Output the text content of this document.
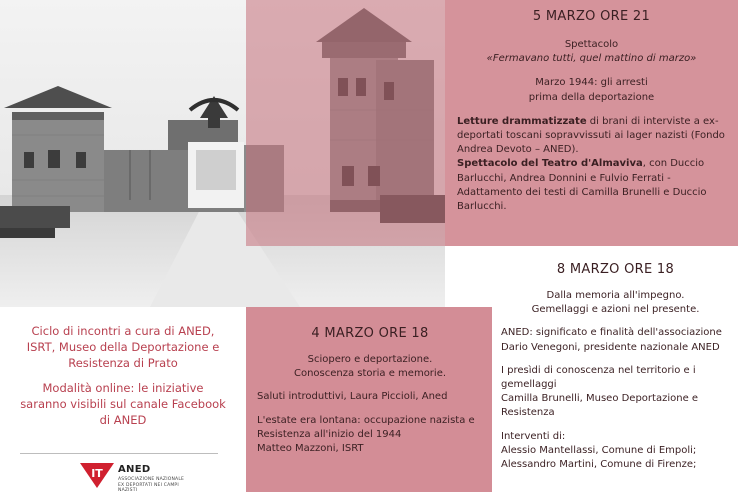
5 MARZO ORE 21
Spettacolo
«Fermavano tutti, quel mattino di marzo»
Marzo 1944: gli arresti
prima della deportazione
Letture drammatizzate di brani di interviste a ex-deportati toscani sopravvissuti ai lager nazisti (Fondo Andrea Devoto – ANED).
Spettacolo del Teatro d'Almaviva, con Duccio Barlucchi, Andrea Donnini e Fulvio Ferrati - Adattamento dei testi di Camilla Brunelli e Duccio Barlucchi.
8 MARZO ORE 18
Dalla memoria all'impegno.
Gemellaggi e azioni nel presente.
ANED: significato e finalità dell'associazione
Dario Venegoni, presidente nazionale ANED
I presìdi di conoscenza nel territorio e i gemellaggi
Camilla Brunelli, Museo Deportazione e Resistenza
Interventi di:
Alessio Mantellassi, Comune di Empoli;
Alessandro Martini, Comune di Firenze;
4 MARZO ORE 18
Sciopero e deportazione.
Conoscenza storia e memorie.
Saluti introduttivi, Laura Piccioli, Aned
L'estate era lontana: occupazione nazista e Resistenza all'inizio del 1944
Matteo Mazzoni, ISRT

Ciclo di incontri a cura di ANED, ISRT, Museo della Deportazione e Resistenza di Prato

Modalità online: le iniziative saranno visibili sul canale Facebook di ANED

IT ANED
ASSOCIAZIONE NAZIONALE
EX DEPORTATI NEI CAMPI NAZISTI
